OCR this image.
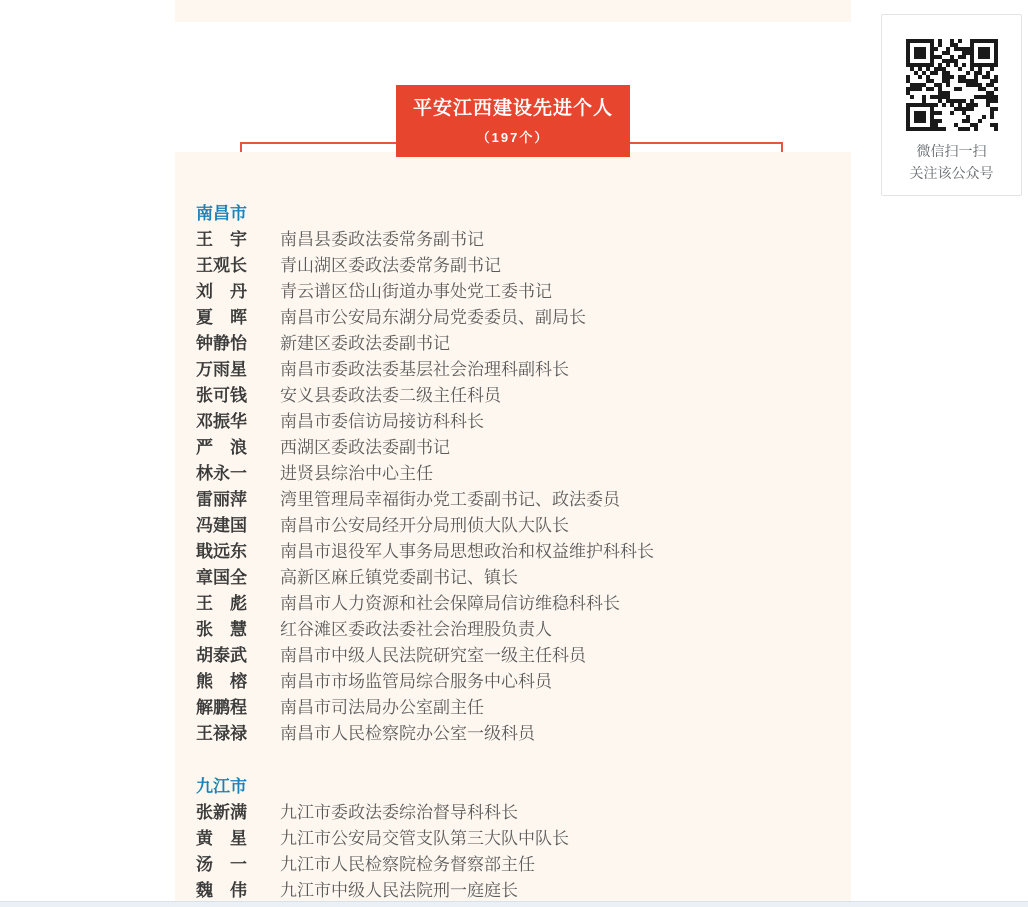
平安江西建设先进个人
（197个）
南昌市
王　宇	南昌县委政法委常务副书记
王观长	青山湖区委政法委常务副书记
刘　丹	青云谱区岱山街道办事处党工委书记
夏　晖	南昌市公安局东湖分局党委委员、副局长
钟静怡	新建区委政法委副书记
万雨星	南昌市委政法委基层社会治理科副科长
张可钱	安义县委政法委二级主任科员
邓振华	南昌市委信访局接访科科长
严　浪	西湖区委政法委副书记
林永一	进贤县综治中心主任
雷丽萍	湾里管理局幸福街办党工委副书记、政法委员
冯建国	南昌市公安局经开分局刑侦大队大队长
戢远东	南昌市退役军人事务局思想政治和权益维护科科长
章国全	高新区麻丘镇党委副书记、镇长
王　彪	南昌市人力资源和社会保障局信访维稳科科长
张　慧	红谷滩区委政法委社会治理股负责人
胡泰武	南昌市中级人民法院研究室一级主任科员
熊　榕	南昌市市场监管局综合服务中心科员
解鹏程	南昌市司法局办公室副主任
王禄禄	南昌市人民检察院办公室一级科员
九江市
张新满	九江市委政法委综治督导科科长
黄　星	九江市公安局交管支队第三大队中队长
汤　一	九江市人民检察院检务督察部主任
魏　伟	九江市中级人民法院刑一庭庭长
微信扫一扫
关注该公众号
